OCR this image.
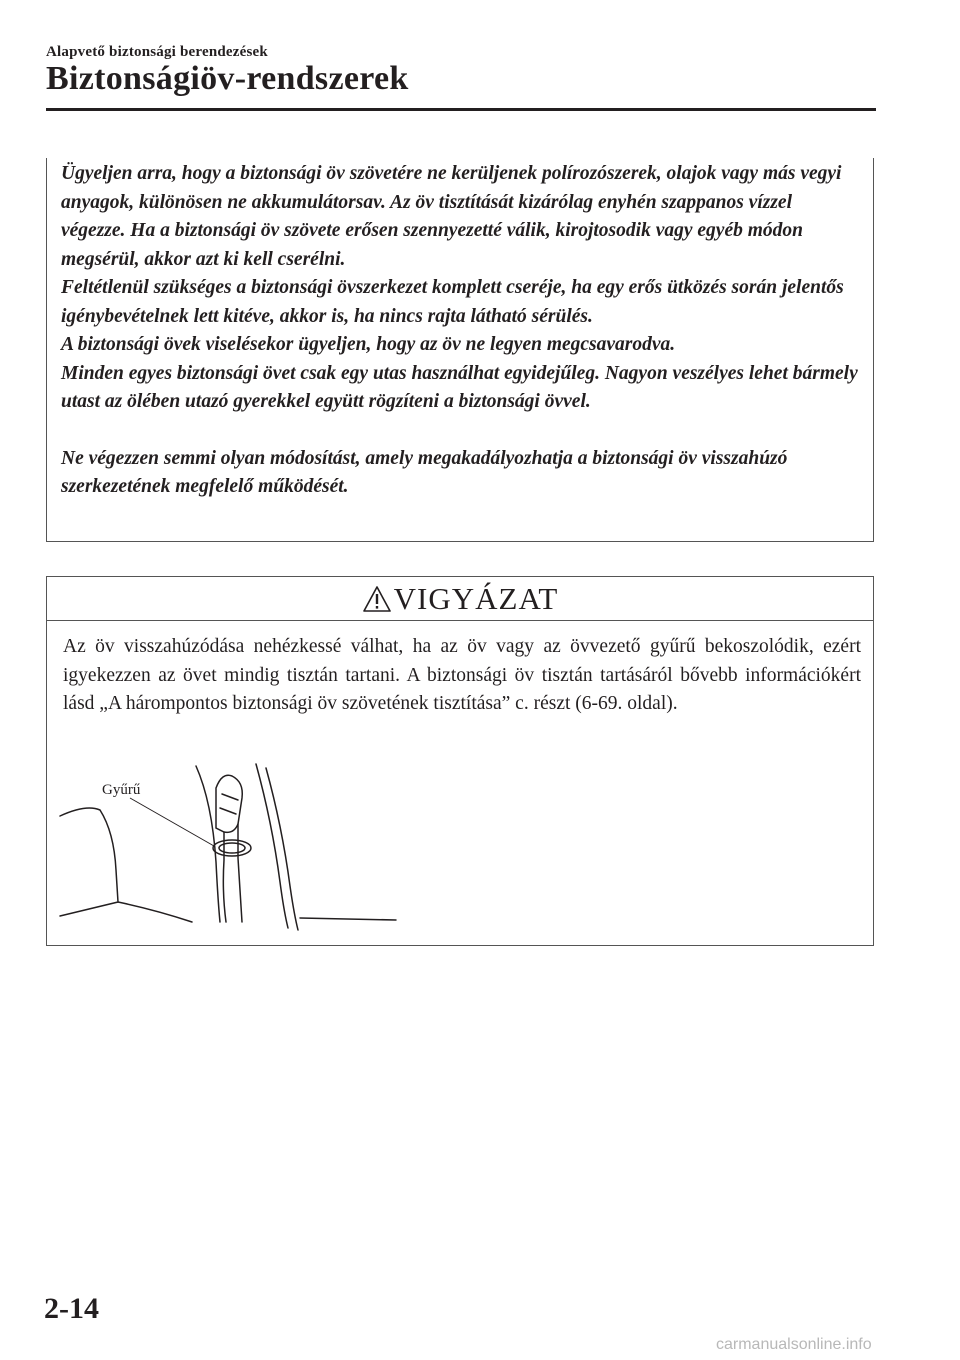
Alapvető biztonsági berendezések
Biztonságiöv-rendszerek

Ügyeljen arra, hogy a biztonsági öv szövetére ne kerüljenek polírozószerek, olajok vagy más vegyi anyagok, különösen ne akkumulátorsav. Az öv tisztítását kizárólag enyhén szappanos vízzel végezze. Ha a biztonsági öv szövete erősen szennyezetté válik, kirojtosodik vagy egyéb módon megsérül, akkor azt ki kell cserélni.

Feltétlenül szükséges a biztonsági övszerkezet komplett cseréje, ha egy erős ütközés során jelentős igénybevételnek lett kitéve, akkor is, ha nincs rajta látható sérülés.

A biztonsági övek viselésekor ügyeljen, hogy az öv ne legyen megcsavarodva.

Minden egyes biztonsági övet csak egy utas használhat egyidejűleg. Nagyon veszélyes lehet bármely utast az ölében utazó gyerekkel együtt rögzíteni a biztonsági övvel.

Ne végezzen semmi olyan módosítást, amely megakadályozhatja a biztonsági öv visszahúzó szerkezetének megfelelő működését.

VIGYÁZAT
Az öv visszahúzódása nehézkessé válhat, ha az öv vagy az övvezető gyűrű bekoszolódik, ezért igyekezzen az övet mindig tisztán tartani. A biztonsági öv tisztán tartásáról bővebb információkért lásd „A hárompontos biztonsági öv szövetének tisztítása” c. részt (6-69. oldal).
Gyűrű
2-14
carmanualsonline.info
